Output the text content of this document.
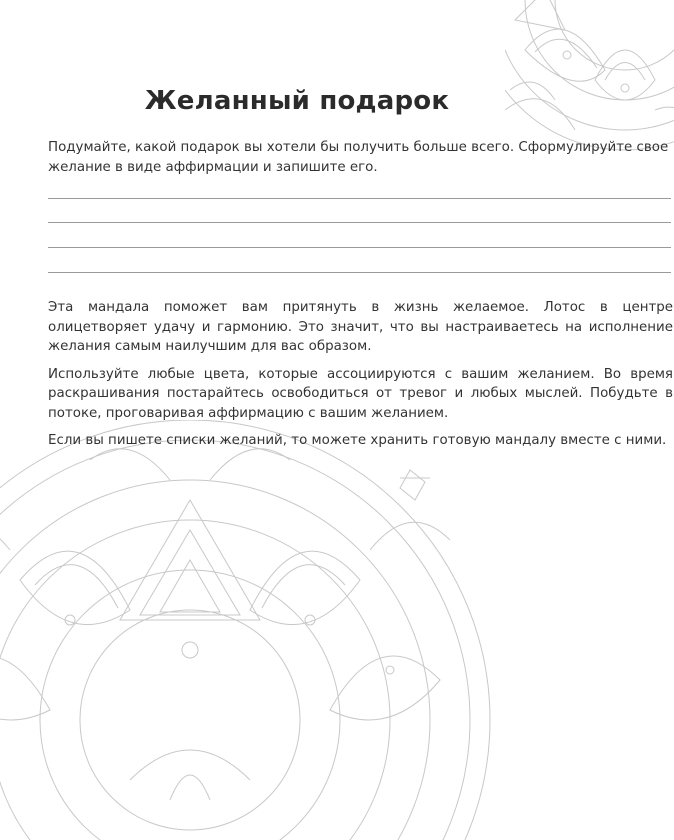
Желанный подарок
Подумайте, какой подарок вы хотели бы получить больше всего. Сформулируйте свое желание в виде аффирмации и запишите его.

Эта мандала поможет вам притянуть в жизнь желаемое. Лотос в центре олицетворяет удачу и гармонию. Это значит, что вы настраиваетесь на исполнение желания самым наилучшим для вас образом.

Используйте любые цвета, которые ассоциируются с вашим желанием. Во время раскрашивания постарайтесь освободиться от тревог и любых мыслей. Побудьте в потоке, проговаривая аффирмацию с вашим желанием.

Если вы пишете списки желаний, то можете хранить готовую мандалу вместе с ними.
